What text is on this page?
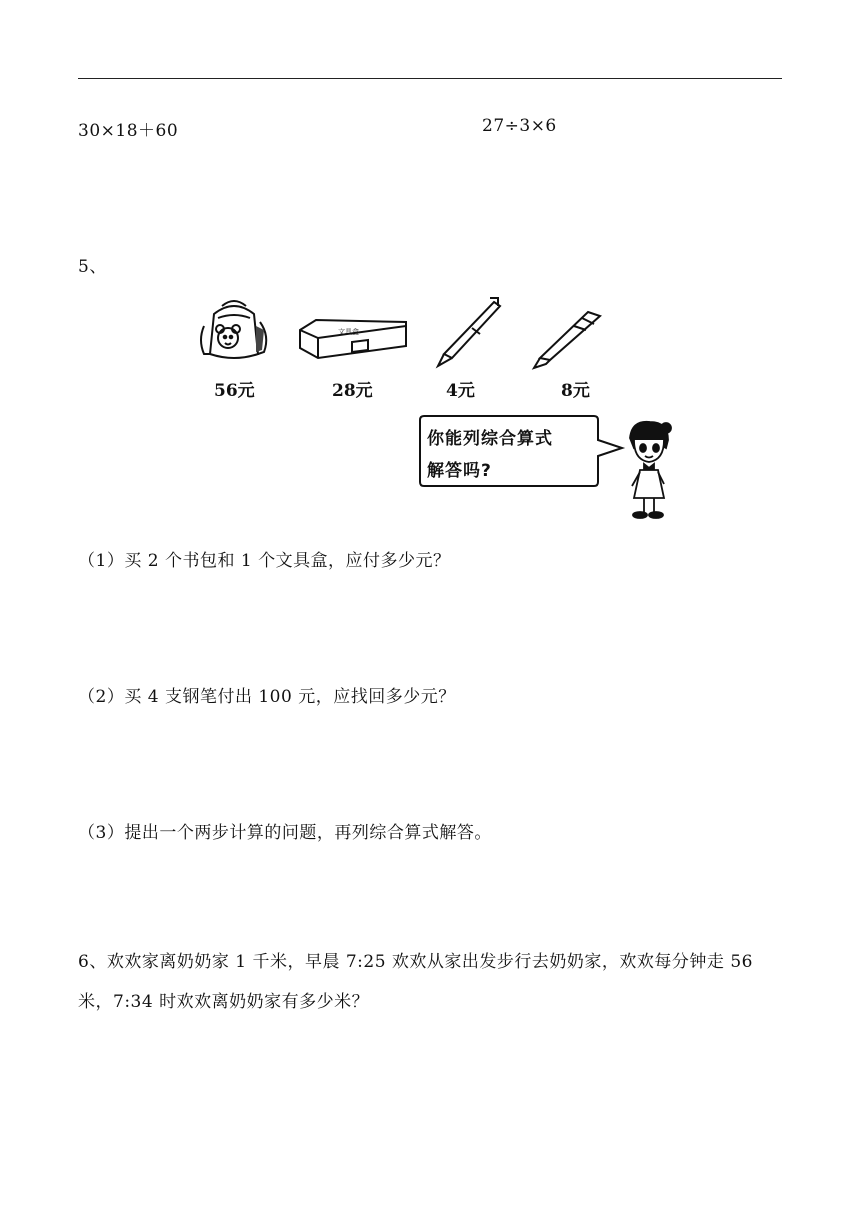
30×18＋60	27÷3×6
5、
56元
文具盒
28元	4元	8元
你能列综合算式
解答吗?
（1）买 2 个书包和 1 个文具盒，应付多少元？
（2）买 4 支钢笔付出 100 元，应找回多少元？
（3）提出一个两步计算的问题，再列综合算式解答。
6、欢欢家离奶奶家 1 千米，早晨 7:25 欢欢从家出发步行去奶奶家，欢欢每分钟走 56 米，7:34 时欢欢离奶奶家有多少米？
